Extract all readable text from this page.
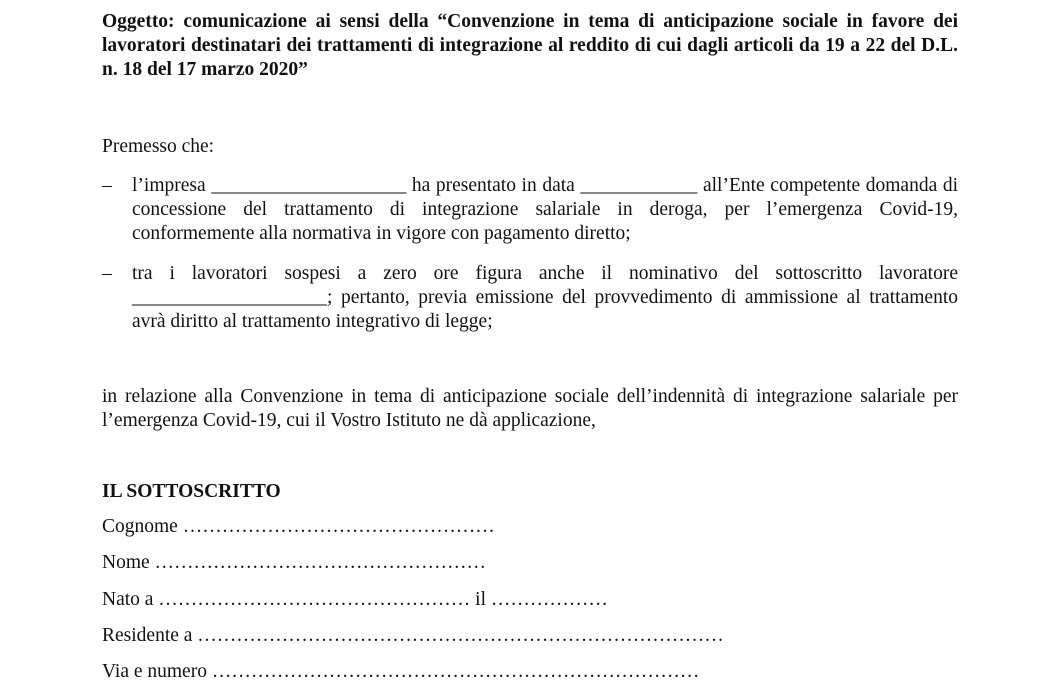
Oggetto: comunicazione ai sensi della “Convenzione in tema di anticipazione sociale in favore dei lavoratori destinatari dei trattamenti di integrazione al reddito di cui dagli articoli da 19 a 22 del D.L. n. 18 del 17 marzo 2020”

Premesso che:

– l’impresa ____________________ ha presentato in data ____________ all’Ente competente domanda di concessione del trattamento di integrazione salariale in deroga, per l’emergenza Covid-19, conformemente alla normativa in vigore con pagamento diretto;
– tra i lavoratori sospesi a zero ore figura anche il nominativo del sottoscritto lavoratore ____________________; pertanto, previa emissione del provvedimento di ammissione al trattamento avrà diritto al trattamento integrativo di legge;

in relazione alla Convenzione in tema di anticipazione sociale dell’indennità di integrazione salariale per l’emergenza Covid-19, cui il Vostro Istituto ne dà applicazione,

IL SOTTOSCRITTO

Cognome …………………………………………
Nome ……………………………………………
Nato a ………………………………………… il ………………
Residente a ………………………………………………………………………
Via e numero …………………………………………………………………
